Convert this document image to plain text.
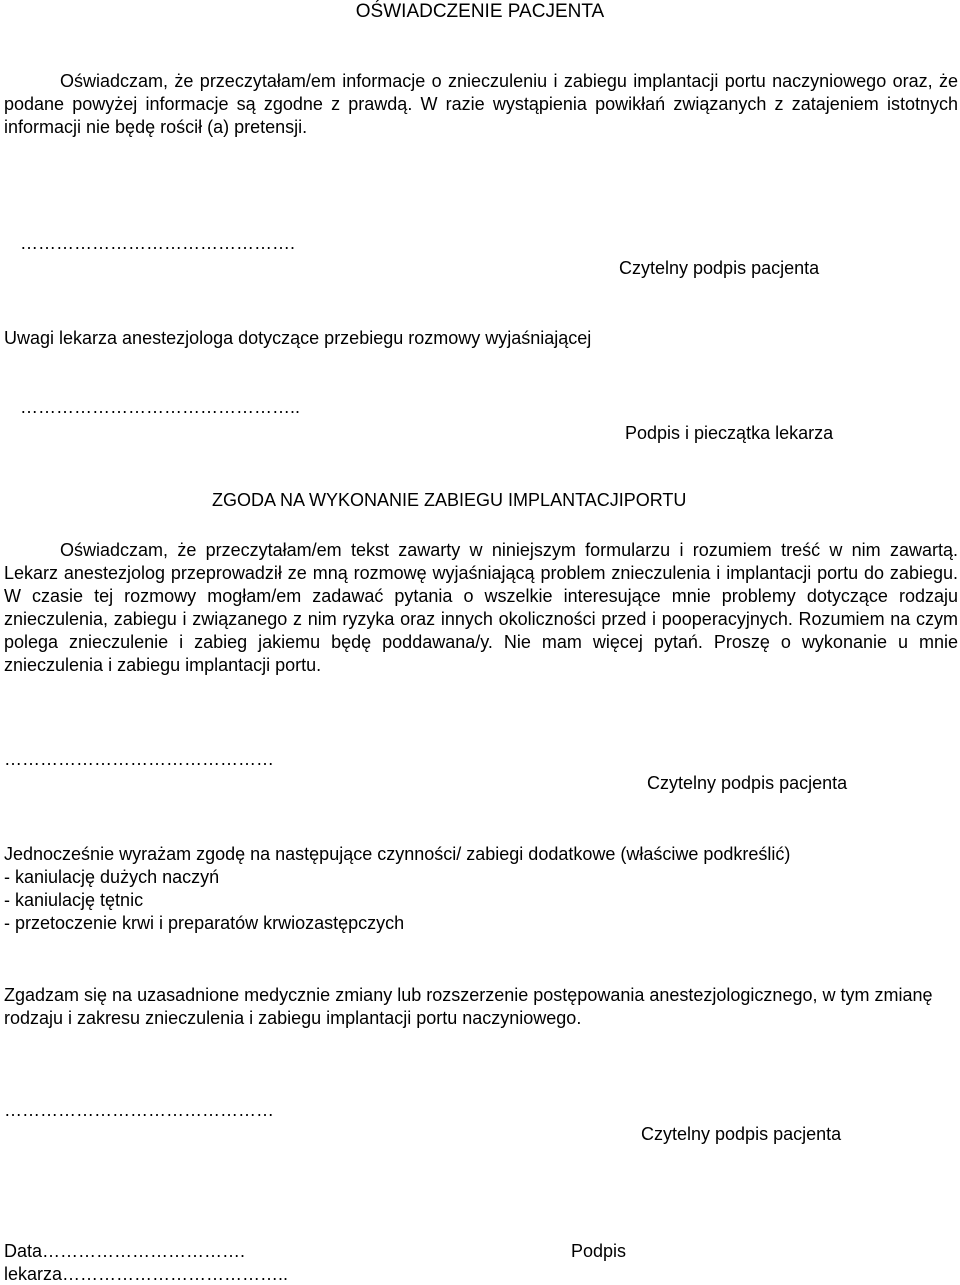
OŚWIADCZENIE PACJENTA

Oświadczam, że przeczytałam/em informacje o znieczuleniu i zabiegu implantacji portu naczyniowego oraz, że podane powyżej informacje są zgodne z prawdą. W razie wystąpienia powikłań związanych z zatajeniem istotnych informacji nie będę rościł (a) pretensji.

……………………………………….
Czytelny podpis pacjenta
Uwagi lekarza anestezjologa dotyczące przebiegu rozmowy wyjaśniającej
………………………………………..
Podpis i pieczątka lekarza
ZGODA NA WYKONANIE ZABIEGU IMPLANTACJIPORTU

Oświadczam, że przeczytałam/em tekst zawarty w niniejszym formularzu i rozumiem treść w nim zawartą. Lekarz anestezjolog przeprowadził ze mną rozmowę wyjaśniającą problem znieczulenia i implantacji portu do zabiegu. W czasie tej rozmowy mogłam/em zadawać pytania o wszelkie interesujące mnie problemy dotyczące rodzaju znieczulenia, zabiegu i związanego z nim ryzyka oraz innych okoliczności przed i pooperacyjnych. Rozumiem na czym polega znieczulenie i zabieg jakiemu będę poddawana/y. Nie mam więcej pytań. Proszę o wykonanie u mnie znieczulenia i zabiegu implantacji portu.

………………………………………
Czytelny podpis pacjenta
Jednocześnie wyrażam zgodę na następujące czynności/ zabiegi dodatkowe (właściwe podkreślić)
- kaniulację dużych naczyń
- kaniulację tętnic
- przetoczenie krwi i preparatów krwiozastępczych

Zgadzam się na uzasadnione medycznie zmiany lub rozszerzenie postępowania anestezjologicznego, w tym zmianę rodzaju i zakresu znieczulenia i zabiegu implantacji portu naczyniowego.

………………………………………
Czytelny podpis pacjenta
Data…………………………….	Podpis
lekarza………………………………..
